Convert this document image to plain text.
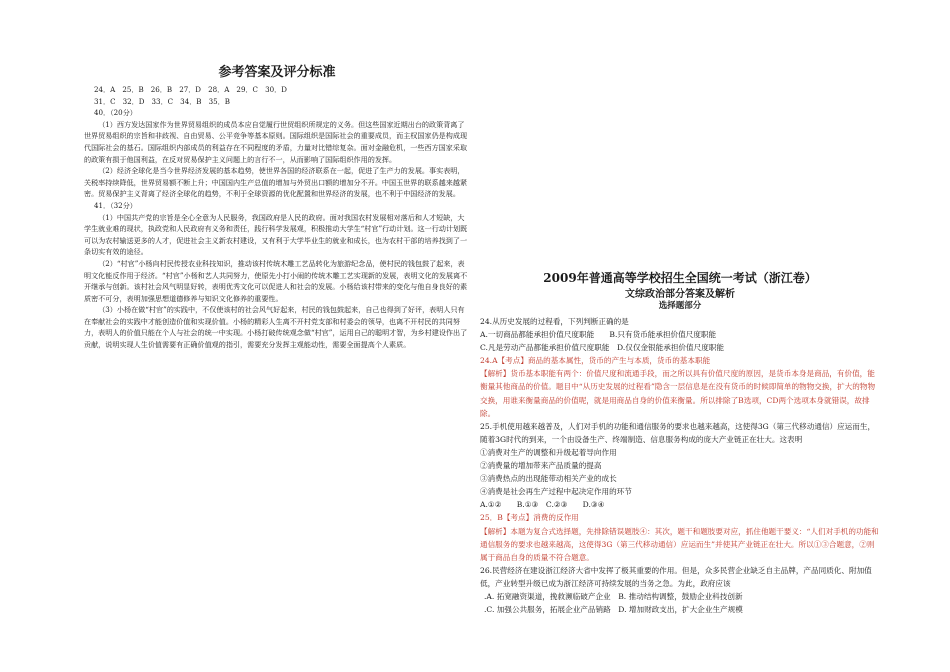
参考答案及评分标准

24．A　25．B　26．B　27．D　28．A　29．C　30．D

31．C　32．D　33．C　34．B　35．B

40．（20分）

（1）西方发达国家作为世界贸易组织的成员本应自觉履行世贸组织所规定的义务。但这些国家近期出台的政策背离了世界贸易组织的宗旨和非歧视、自由贸易、公平竞争等基本原则。国际组织是国际社会的重要成员，而主权国家仍是构成现代国际社会的基石。国际组织内部成员的利益存在不同程度的矛盾，力量对比错综复杂。面对金融危机，一些西方国家采取的政策有损于他国利益，在反对贸易保护主义问题上的言行不一，从而影响了国际组织作用的发挥。

（2）经济全球化是当今世界经济发展的基本趋势，使世界各国的经济联系在一起，促进了生产力的发展。事实表明，关税率持续降低，世界贸易额不断上升；中国国内生产总值的增加与外贸出口额的增加分不开。中国玉世界的联系越来越紧密。贸易保护主义背离了经济全球化的趋势，不利于全球资源的优化配置和世界经济的发展，也不利于中国经济的发展。

41．（32分）

（1）中国共产党的宗旨是全心全意为人民服务，我国政府是人民的政府。面对我国农村发展相对落后和人才短缺，大学生就业难的现状，执政党和人民政府有义务和责任，践行科学发展观，积极推动大学生“村官”行动计划。这一行动计划既可以为农村输送更多的人才，促进社会主义新农村建设，又有利于大学毕业生的就业和成长，也为农村干部的培养找到了一条切实有效的途径。

（2）“村官”小杨向村民传授农业科技知识，推动该村传统木雕工艺品转化为旅游纪念品，使村民的钱包鼓了起来，表明文化能反作用于经济。“村官”小杨和艺人共同努力，使原先小打小闹的传统木雕工艺实现新的发展，表明文化的发展离不开继承与创新。该村社会风气明显好转，表明优秀文化可以促进人和社会的发展。小杨给该村带来的变化与他自身良好的素质密不可分，表明加强思想道德修养与知识文化修养的重要性。

（3）小杨在做“村官”的实践中，不仅使该村的社会风气好起来，村民的钱包鼓起来，自己也得到了好评，表明人只有在奉献社会的实践中才能创造价值和实现价值。小杨的精彩人生离不开村党支部和村委会的领导，也离不开村民的共同努力，表明人的价值只能在个人与社会的统一中实现。小杨打破传统观念做“村官”，运用自己的聪明才智，为乡村建设作出了贡献，说明实现人生价值需要有正确价值观的指引，需要充分发挥主观能动性，需要全面提高个人素质。

2009年普通高等学校招生全国统一考试（浙江卷）

文综政治部分答案及解析

选择题部分

24.从历史发展的过程看，下列判断正确的是

A.一切商品都能承担价值尺度职能　　B.只有货币能承担价值尺度职能

C.凡是劳动产品都能承担价值尺度职能　D.仅仅金银能承担价值尺度职能

24.A【考点】商品的基本属性，货币的产生与本质，货币的基本职能

【解析】货币基本职能有两个：价值尺度和流通手段，而之所以具有价值尺度的原因，是货币本身是商品，有价值，能衡量其他商品的价值。题目中“从历史发展的过程看”隐含一层信息是在没有货币的时候即简单的物物交换，扩大的物物交换，用谁来衡量商品的价值呢，就是用商品自身的价值来衡量。所以排除了B选项，CD两个选项本身就错误，故排除。

25.手机使用越来越普及，人们对手机的功能和通信服务的要求也越来越高，这使得3G（第三代移动通信）应运而生，随着3G时代的到来，一个由设备生产、终端制造、信息服务构成的庞大产业链正在壮大。这表明

①消费对生产的调整和升级起着导向作用

②消费量的增加带来产品质量的提高

③消费热点的出现能带动相关产业的成长

④消费是社会再生产过程中起决定作用的环节

A.①②　　B.①③　C.②③　　D.③④

25．B【考点】消费的反作用

【解析】本题为复合式选择题，先排除错误题肢④：其次，题干和题肢要对应，抓住他题干要义：“人们对手机的功能和通信服务的要求也越来越高，这使得3G（第三代移动通信）应运而生”并使其产业链正在壮大。所以①③合题意，②则属于商品自身的质量不符合题意。

26.民营经济在建设浙江经济大省中发挥了极其重要的作用。但是，众多民营企业缺乏自主品牌，产品同质化、附加值低，产业转型升级已成为浙江经济可持续发展的当务之急。为此，政府应该

.A. 拓宽融资渠道，挽救濒临破产企业　B. 推动结构调整，鼓励企业科技创新

.C. 加强公共服务，拓展企业产品销路　D. 增加财政支出，扩大企业生产规模
